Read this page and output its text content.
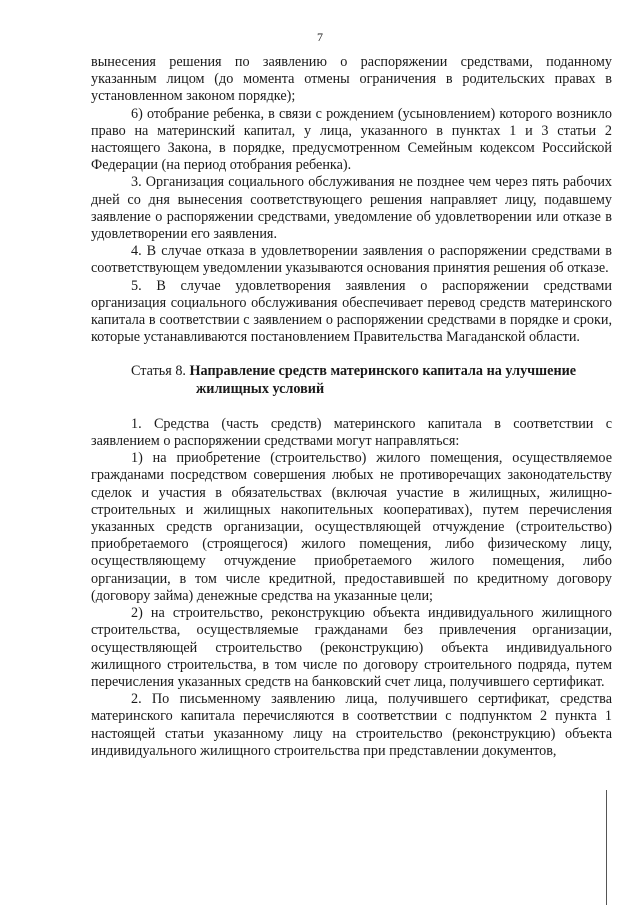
7

вынесения решения по заявлению о распоряжении средствами, поданному указанным лицом (до момента отмены ограничения в родительских правах в установленном законом порядке);

6) отобрание ребенка, в связи с рождением (усыновлением) которого возникло право на материнский капитал, у лица, указанного в пунктах 1 и 3 статьи 2 настоящего Закона, в порядке, предусмотренном Семейным кодексом Российской Федерации (на период отобрания ребенка).

3. Организация социального обслуживания не позднее чем через пять рабочих дней со дня вынесения соответствующего решения направляет лицу, подавшему заявление о распоряжении средствами, уведомление об удовлетворении или отказе в удовлетворении его заявления.

4. В случае отказа в удовлетворении заявления о распоряжении средствами в соответствующем уведомлении указываются основания принятия решения об отказе.

5. В случае удовлетворения заявления о распоряжении средствами организация социального обслуживания обеспечивает перевод средств материнского капитала в соответствии с заявлением о распоряжении средствами в порядке и сроки, которые устанавливаются постановлением Правительства Магаданской области.

Статья 8. Направление средств материнского капитала на улучшение
жилищных условий

1. Средства (часть средств) материнского капитала в соответствии с заявлением о распоряжении средствами могут направляться:

1) на приобретение (строительство) жилого помещения, осуществляемое гражданами посредством совершения любых не противоречащих законодательству сделок и участия в обязательствах (включая участие в жилищных, жилищно-строительных и жилищных накопительных кооперативах), путем перечисления указанных средств организации, осуществляющей отчуждение (строительство) приобретаемого (строящегося) жилого помещения, либо физическому лицу, осуществляющему отчуждение приобретаемого жилого помещения, либо организации, в том числе кредитной, предоставившей по кредитному договору (договору займа) денежные средства на указанные цели;

2) на строительство, реконструкцию объекта индивидуального жилищного строительства, осуществляемые гражданами без привлечения организации, осуществляющей строительство (реконструкцию) объекта индивидуального жилищного строительства, в том числе по договору строительного подряда, путем перечисления указанных средств на банковский счет лица, получившего сертификат.

2. По письменному заявлению лица, получившего сертификат, средства материнского капитала перечисляются в соответствии с подпунктом 2 пункта 1 настоящей статьи указанному лицу на строительство (реконструкцию) объекта индивидуального жилищного строительства при представлении документов,
